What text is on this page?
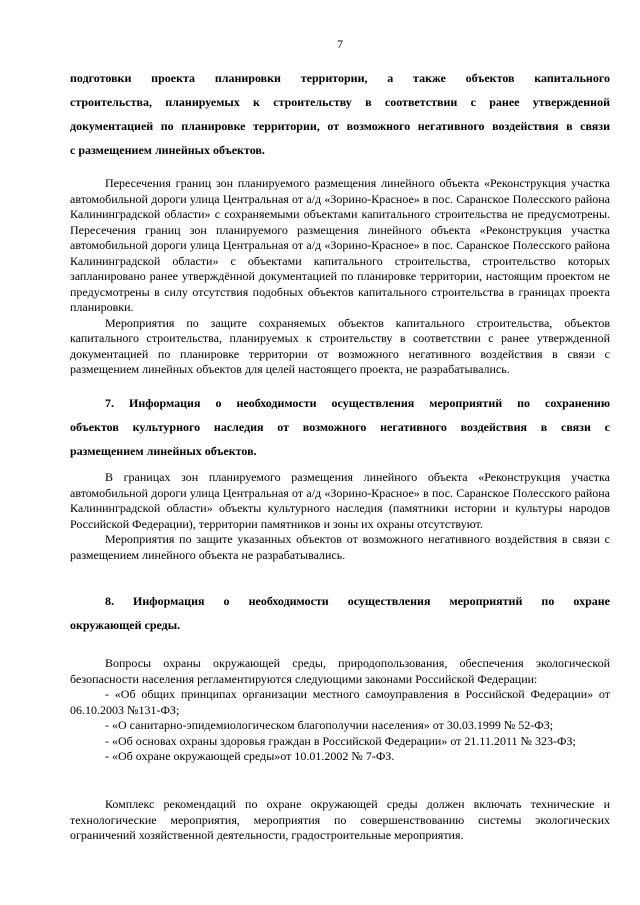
7
подготовки проекта планировки территории, а также объектов капитального
строительства, планируемых к строительству в соответствии с ранее утвержденной
документацией по планировке территории, от возможного негативного воздействия в связи
с размещением линейных объектов.

Пересечения границ зон планируемого размещения линейного объекта «Реконструкция участка автомобильной дороги улица Центральная от а/д «Зорино-Красное» в пос. Саранское Полесского района Калининградской области» с сохраняемыми объектами капитального строительства не предусмотрены. Пересечения границ зон планируемого размещения линейного объекта «Реконструкция участка автомобильной дороги улица Центральная от а/д «Зорино-Красное» в пос. Саранское Полесского района Калининградской области» с объектами капитального строительства, строительство которых запланировано ранее утверждённой документацией по планировке территории, настоящим проектом не предусмотрены в силу отсутствия подобных объектов капитального строительства в границах проекта планировки.

Мероприятия по защите сохраняемых объектов капитального строительства, объектов капитального строительства, планируемых к строительству в соответствии с ранее утвержденной документацией по планировке территории от возможного негативного воздействия в связи с размещением линейных объектов для целей настоящего проекта, не разрабатывались.

7. Информация о необходимости осуществления мероприятий по сохранению
объектов культурного наследия от возможного негативного воздействия в связи с
размещением линейных объектов.

В границах зон планируемого размещения линейного объекта «Реконструкция участка автомобильной дороги улица Центральная от а/д «Зорино-Красное» в пос. Саранское Полесского района Калининградской области» объекты культурного наследия (памятники истории и культуры народов Российской Федерации), территории памятников и зоны их охраны отсутствуют.

Мероприятия по защите указанных объектов от возможного негативного воздействия в связи с размещением линейного объекта не разрабатывались.

8. Информация о необходимости осуществления мероприятий по охране
окружающей среды.

Вопросы охраны окружающей среды, природопользования, обеспечения экологической безопасности населения регламентируются следующими законами Российской Федерации:

- «Об общих принципах организации местного самоуправления в Российской Федерации» от 06.10.2003 №131-ФЗ;

- «О санитарно-эпидемиологическом благополучии населения» от 30.03.1999 № 52-ФЗ;

- «Об основах охраны здоровья граждан в Российской Федерации» от 21.11.2011 № 323-ФЗ;

- «Об охране окружающей среды»от 10.01.2002 № 7-ФЗ.

Комплекс рекомендаций по охране окружающей среды должен включать технические и технологические мероприятия, мероприятия по совершенствованию системы экологических ограничений хозяйственной деятельности, градостроительные мероприятия.
